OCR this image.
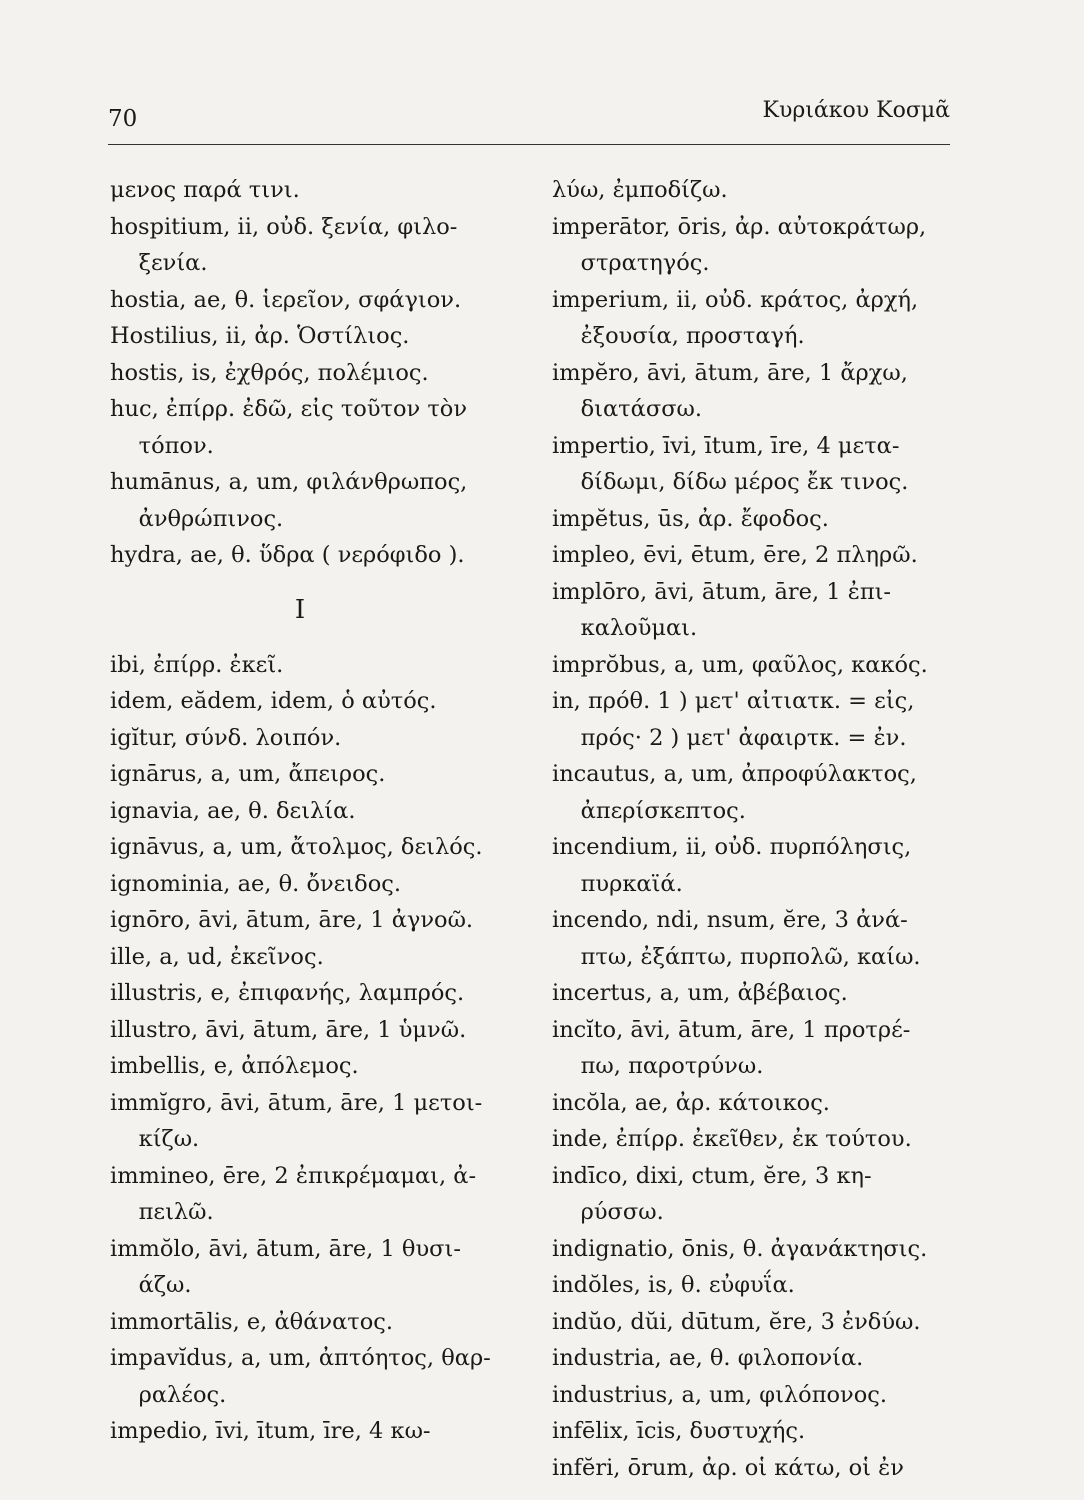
70	Κυριάκου Κοσμᾶ
μενος παρά τινι.
hospitium, ii, οὐδ. ξενία, φιλο-
ξενία.
hostia, ae, θ. ἱερεῖον, σφάγιον.
Hostilius, ii, ἀρ. Ὁστίλιος.
hostis, is, ἐχθρός, πολέμιος.
huc, ἐπίρρ. ἐδῶ, εἰς τοῦτον τὸν
τόπον.
humānus, a, um, φιλάνθρωπος,
ἀνθρώπινος.
hydra, ae, θ. ὕδρα ( νερόφιδο ).
I
ibi, ἐπίρρ. ἐκεῖ.
idem, eădem, idem, ὁ αὐτός.
igĭtur, σύνδ. λοιπόν.
ignārus, a, um, ἄπειρος.
ignavia, ae, θ. δειλία.
ignāvus, a, um, ἄτολμος, δειλός.
ignominia, ae, θ. ὄνειδος.
ignōro, āvi, ātum, āre, 1 ἀγνοῶ.
ille, a, ud, ἐκεῖνος.
illustris, e, ἐπιφανής, λαμπρός.
illustro, āvi, ātum, āre, 1 ὑμνῶ.
imbellis, e, ἀπόλεμος.
immĭgro, āvi, ātum, āre, 1 μετοι-
κίζω.
immineo, ēre, 2 ἐπικρέμαμαι, ἀ-
πειλῶ.
immŏlo, āvi, ātum, āre, 1 θυσι-
άζω.
immortālis, e, ἀθάνατος.
impavĭdus, a, um, ἀπτόητος, θαρ-
ραλέος.
impedio, īvi, ītum, īre, 4 κω-
λύω, ἐμποδίζω.
imperātor, ōris, ἀρ. αὐτοκράτωρ,
στρατηγός.
imperium, ii, οὐδ. κράτος, ἀρχή,
ἐξουσία, προσταγή.
impĕro, āvi, ātum, āre, 1 ἄρχω,
διατάσσω.
impertio, īvi, ītum, īre, 4 μετα-
δίδωμι, δίδω μέρος ἔκ τινος.
impĕtus, ūs, ἀρ. ἔφοδος.
impleo, ēvi, ētum, ēre, 2 πληρῶ.
implōro, āvi, ātum, āre, 1 ἐπι-
καλοῦμαι.
imprŏbus, a, um, φαῦλος, κακός.
in, πρόθ. 1 ) μετ' αἰτιατκ. = εἰς,
πρός· 2 ) μετ' ἀφαιρτκ. = ἐν.
incautus, a, um, ἀπροφύλακτος,
ἀπερίσκεπτος.
incendium, ii, οὐδ. πυρπόλησις,
πυρκαϊά.
incendo, ndi, nsum, ĕre, 3 ἀνά-
πτω, ἐξάπτω, πυρπολῶ, καίω.
incertus, a, um, ἀβέβαιος.
incĭto, āvi, ātum, āre, 1 προτρέ-
πω, παροτρύνω.
incŏla, ae, ἀρ. κάτοικος.
inde, ἐπίρρ. ἐκεῖθεν, ἐκ τούτου.
indīco, dixi, ctum, ĕre, 3 κη-
ρύσσω.
indignatio, ōnis, θ. ἀγανάκτησις.
indŏles, is, θ. εὐφυΐα.
indŭo, dŭi, dūtum, ĕre, 3 ἐνδύω.
industria, ae, θ. φιλοπονία.
industrius, a, um, φιλόπονος.
infēlix, īcis, δυστυχής.
infĕri, ōrum, ἀρ. οἱ κάτω, οἱ ἐν
